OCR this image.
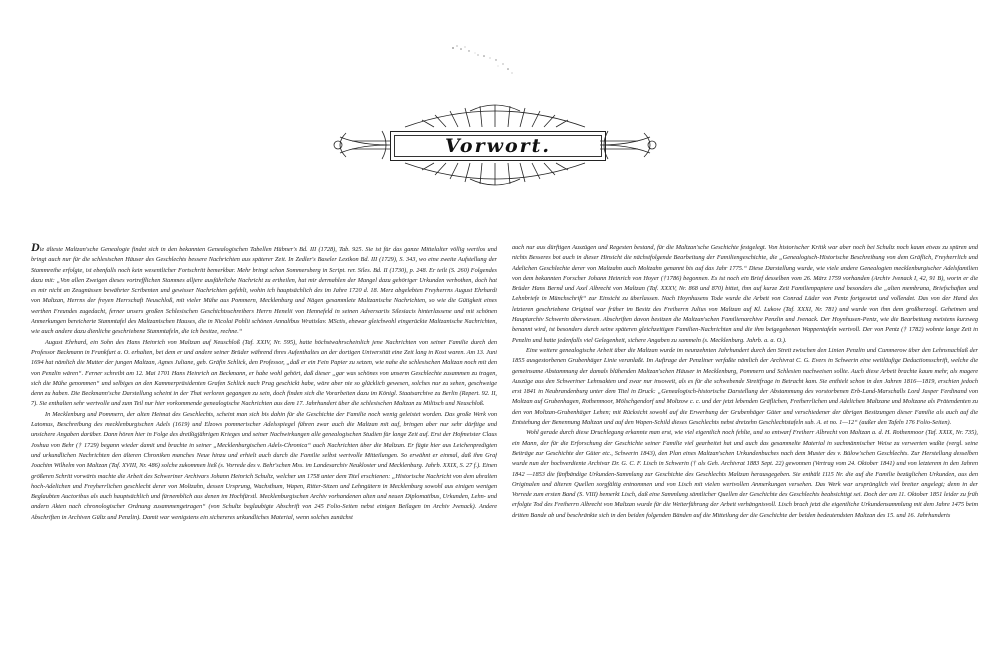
Vorwort.

Die älteste Maltzan'sche Genealogie findet sich in den bekannten Genealogischen Tabellen Hübner's Bd. III (1728), Tab. 925. Sie ist für das ganze Mittelalter völlig wertlos und bringt auch nur für die schlesischen Häuser des Geschlechts bessere Nachrichten aus späterer Zeit. In Zedler's Baseler Lexikon Bd. III (1729), S. 343, wo eine zweite Aufstellung der Stammreihe erfolgte, ist ebenfalls noch kein wesentlicher Fortschritt bemerkbar. Mehr bringt schon Sommersberg in Script. rer. Siles. Bd. II (1730), p. 248. Er teilt (S. 260) Folgendes dazu mit: „Von allen Zweigen dieses vortrefflichen Stammes alljere ausführliche Nachricht zu ertheilen, hat mir dermahlen der Mangel dazu gehöriger Urkunden verbothen, doch hat es mir nicht an Zeugnüssen bewährter Scribenten und gewisser Nachrichten gefehlt, wohin ich hauptsächlich des im Jahre 1720 d. 18. Merz abgelebten Freyherrns August Ehrhardi von Maltzan, Herrns der freyen Herrschaft Neuschloß, mit vieler Mühe aus Pommern, Mecklenburg und Nägen gesammlete Maltzanische Nachrichten, so wie die Gütigkeit eines werthen Freundes zugedacht, ferner unsers großen Schlesischen Geschichtsschreibers Herrn Henelii von Hennefeld in seinen Adversariis Silesiacis hinterlassene und mit schönen Anmerkungen bereicherte Stammtafel des Maltzanischen Hauses, die in Nicolai Pohlii schönen Annalibus Wratislav. MSctis, ebzwar gleichwohl eingerückte Maltzanische Nachrichten, wie auch andere dazu dienliche geschriebene Stammtafeln, die ich besitze, rechne.“

August Ehrhard, ein Sohn des Hans Heinrich von Maltzan auf Neuschloß (Taf. XXIV, Nr. 595), hatte höchstwahrscheinlich jene Nachrichten von seiner Familie durch den Professor Beckmann in Frankfurt a. O. erhalten, bei dem er und andere seiner Brüder während ihres Aufenthaltes an der dortigen Universität eine Zeit lang in Kost waren. Am 13. Juni 1694 hat nämlich die Mutter der jungen Maltzan, Agnes Juliane, geb. Gräfin Schlick, den Professor, „daß er ein Fein Papier zu setzen, wie nahe die schlesischen Maltzan noch mit den von Penzlin wären“. Ferner schreibt am 12. Mai 1701 Hans Heinrich an Beckmann, er habe wohl gehört, daß dieser „gar was schönes von unserm Geschlechte zusammen zu tragen, sich die Mühe genommen“ und selbiges an den Kammerpräsidenten Grafen Schlick nach Prag geschickt habe, wäre aber nie so glücklich gewesen, solches nur zu sehen, geschweige denn zu haben. Die Beckmann'sche Darstellung scheint in der That verloren gegangen zu sein, doch finden sich die Vorarbeiten dazu im Königl. Staatsarchive zu Berlin (Repert. 92. II, 7). Sie enthalten sehr wertvolle und zum Teil nur hier vorkommende genealogische Nachrichten aus dem 17. Jahrhundert über die schlesischen Maltzan zu Militsch und Neuschloß.

In Mecklenburg und Pommern, der alten Heimat des Geschlechts, scheint man sich bis dahin für die Geschichte der Familie noch wenig geleistet worden. Das große Werk von Latomus, Beschreibung des mecklenburgischen Adels (1619) und Elzows pommerischer Adelsspiegel führen zwar auch die Maltzan mit auf, bringen aber nur sehr dürftige und unsichere Angaben darüber. Dann hören hier in Folge des dreißigjährigen Krieges und seiner Nachwirkungen alle genealogischen Studien für lange Zeit auf. Erst der Hofmeister Claus Joshua von Behr († 1729) begann wieder damit und brachte in seiner „Mecklenburgischen Adels-Chronica“ auch Nachrichten über die Maltzan. Er fügte hier aus Leichenpredigten und urkundlichen Nachrichten den älteren Chroniken manches Neue hinzu und erhielt auch durch die Familie selbst wertvolle Mitteilungen. So erwähnt er einmal, daß ihm Graf Joachim Wilhelm von Maltzan (Taf. XVIII, Nr. 486) solche zukommen ließ (s. Vorrede des v. Behr'schen Mss. im Landesarchiv Neukloster und Mecklenburg. Jahrb. XXIX, S. 27 f.). Einen größeren Schritt vorwärts machte die Arbeit des Schweriner Archivars Johann Heinrich Schultz, welcher um 1758 unter dem Titel erschienen: „Historische Nachricht von dem uhralten hoch-Adelichen und Freyherrlichen geschlecht derer von Moltzahn, dessen Ursprung, Wachsthum, Wapen, Ritter-Sitzen und Lehngütern in Mecklenburg sowohl aus einigen wenigen Beglaubten Auctoribus als auch hauptsächlich und fürnemblich aus denen im Hochfürstl. Mecklenburgischen Archiv vorhandenen alten und neuen Diplomatibus, Urkunden, Lehn- und andern Akten nach chronologischer Ordnung zusammengetragen“ (von Schultz beglaubigte Abschrift von 245 Folio-Seiten nebst einigen Beilagen im Archiv Jvenack). Andere Abschriften in Archiven Gültz und Penzlin). Damit war wenigstens ein sichereres urkundliches Material, wenn solches zunächst

auch nur aus dürftigen Auszügen und Regesten bestand, für die Maltzan'sche Geschichte festgelegt. Von historischer Kritik war aber noch bei Schultz noch kaum etwas zu spüren und nichts Besseres bot auch in dieser Hinsicht die nächstfolgende Bearbeitung der Familiengeschichte, die „Genealogisch-Historische Beschreibung von dem Gräflich, Freyherrlich und Adelichen Geschlechte derer von Maltzahn auch Moltzahn genannt bis auf das Jahr 1775.“ Diese Darstellung wurde, wie viele andere Genealogien mecklenburgischer Adelsfamilien von dem bekannten Forscher Johann Heinrich von Hoyer (†1786) begonnen. Es ist noch ein Brief desselben vom 26. März 1759 vorhanden (Archiv Jvenack I, 42, 91 B), worin er die Brüder Hans Bernd und Axel Albrecht von Maltzan (Taf. XXXV, Nr. 868 und 870) bittet, ihm auf kurze Zeit Familienpapiere und besonders die „alten membrana, Briefschaften und Lehnbriefe in Münchschrift“ zur Einsicht zu überlassen. Nach Hoynhusens Tode wurde die Arbeit von Conrad Lüder von Pentz fortgesetzt und vollendet. Das von der Hand des letzteren geschriebene Original war früher im Besitz des Freiherrn Julius von Maltzan auf Kl. Lukow (Taf. XXXI, Nr. 781) und wurde von ihm dem großherzogl. Geheimen und Hauptarchiv Schwerin überwiesen. Abschriften davon besitzen die Maltzan'schen Familienarchive Penzlin und Jvenack. Der Hoynhusen-Pentz, wie die Bearbeitung meistens kurzweg benannt wird, ist besonders durch seine späteren gleichzeitigen Familien-Nachrichten und die ihm beigegebenen Wappentafeln wertvoll. Der von Pentz († 1782) wohnte lange Zeit in Penzlin und hatte jedenfalls viel Gelegenheit, sichere Angaben zu sammeln (s. Mecklenburg. Jahrb. a. a. O.).

Eine weitere genealogische Arbeit über die Maltzan wurde im neunzehnten Jahrhundert durch den Streit zwischen den Linien Penzlin und Cummerow über den Lehnsnachlaß der 1855 ausgestorbenen Grubenhäger Linie veranlaßt. Im Auftrage der Penzliner verfaßte nämlich der Archivrat C. G. Evers in Schwerin eine weitläufige Deductionsschrift, welche die gemeinsame Abstammung der damals blühenden Maltzan'schen Häuser in Mecklenburg, Pommern und Schlesien nachweisen sollte. Auch diese Arbeit brachte kaum mehr, als magere Auszüge aus den Schweriner Lehnsakten und zwar nur insoweit, als es für die schwebende Streitfrage in Betracht kam. Sie enthielt schon in den Jahren 1816—1819, erschien jedoch erst 1841 in Neubrandenburg unter dem Titel in Druck: „Genealogisch-historische Darstellung der Abstammung des vorstorbenen Erb-Land-Marschalls Lord Jasper Ferdinand von Moltzan auf Grubenhagen, Rothenmoor, Mölschgendorf und Moltzow c. c. und der jetzt lebenden Gräflichen, Freiherrlichen und Adelichen Maltzane und Moltzane als Prätendenten zu den von Moltzan-Grubenhäger Lehen; mit Rücksicht sowohl auf die Erwerbung der Grubenhäger Güter und verschiedener der übrigen Besitzungen dieser Familie als auch auf die Entstehung der Benennung Maltzan und auf den Wapen-Schild dieses Geschlechts nebst dreizehn Geschlechtstafeln sub. A. et no. 1—12“ (außer den Tafeln 176 Folio-Seiten).

Wohl gerade durch diese Druchlegung erkannte man erst, wie viel eigentlich noch fehlte, und so entwarf Freiherr Albrecht von Maltzan a. d. H. Rothenmoor (Taf. XXIX, Nr. 735), ein Mann, der für die Erforschung der Geschichte seiner Familie viel gearbeitet hat und auch das gesammelte Material in sachmännischer Weise zu verwerten wußte (vergl. seine Beiträge zur Geschichte der Güter etc., Schwerin 1843), den Plan eines Maltzan'schen Urkundenbuches nach dem Muster des v. Bülow'schen Geschlechts. Zur Herstellung desselben wurde nun der hochverdiente Archivar Dr. G. C. F. Lisch in Schwerin († als Geh. Archivrat 1883 Sept. 22) gewonnen (Vertrag vom 24. Oktober 1841) und von letzterem in den Jahren 1842 —1853 die fünfbändige Urkunden-Sammlung zur Geschichte des Geschlechts Maltzan herausgegeben. Sie enthält 1115 Nr. die auf die Familie bezüglichen Urkunden, aus den Originalen und älteren Quellen sorgfältig entnommen und von Lisch mit vielen wertvollen Anmerkungen versehen. Das Werk war ursprünglich viel breiter angelegt; denn in der Vorrede zum ersten Band (S. VIII) bemerkt Lisch, daß eine Sammlung sämtlicher Quellen der Geschichte des Geschlechts beabsichtigt sei. Doch der am 11. Oktober 1851 leider zu früh erfolgte Tod des Freiherrn Albrecht von Maltzan wurde für die Weiterführung der Arbeit verhängnisvoll. Lisch brach jetzt die eigentliche Urkundensammlung mit dem Jahre 1475 beim dritten Bande ab und beschränkte sich in den beiden folgenden Bänden auf die Mitteilung der die Geschichte der beiden bedeutendsten Maltzan des 15. und 16. Jahrhunderts
